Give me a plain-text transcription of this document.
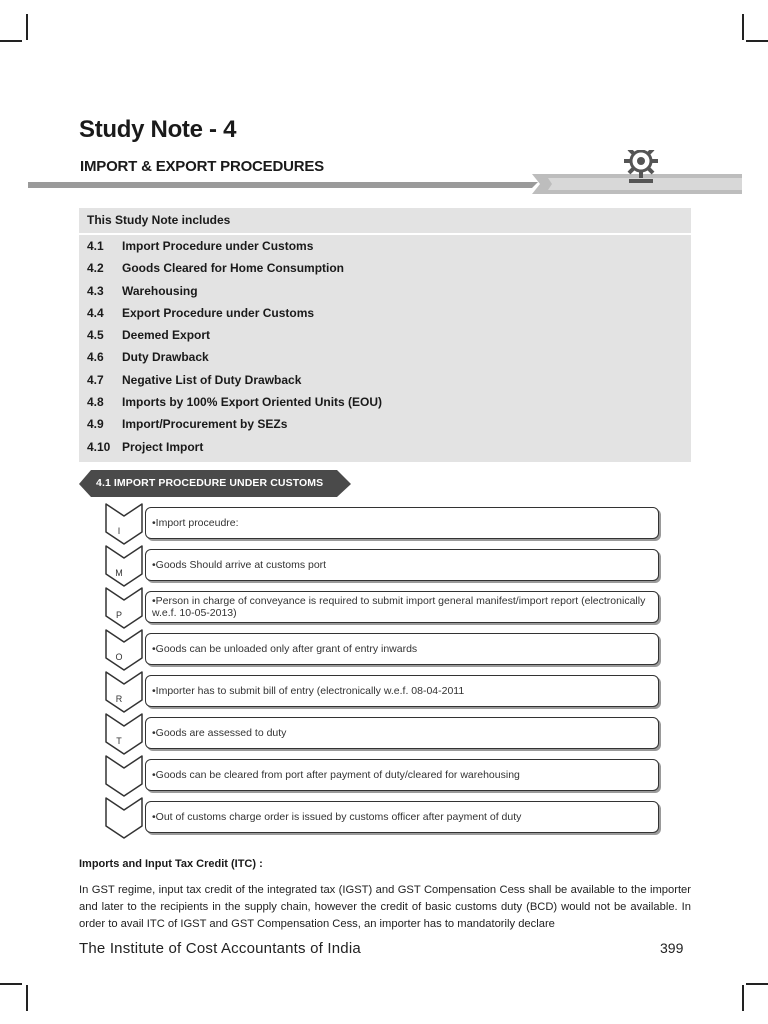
Study Note - 4
IMPORT & EXPORT PROCEDURES
This Study Note includes
4.1 Import Procedure under Customs
4.2 Goods Cleared for Home Consumption
4.3 Warehousing
4.4 Export Procedure under Customs
4.5 Deemed Export
4.6 Duty Drawback
4.7 Negative List of Duty Drawback
4.8 Imports by 100% Export Oriented Units (EOU)
4.9 Import/Procurement by SEZs
4.10 Project Import
4.1 IMPORT PROCEDURE UNDER CUSTOMS
I
M
P
O
R
T
•Import proceudre:
•Goods Should arrive at customs port
•Person in charge of conveyance is required to submit import general manifest/import report (electronically w.e.f. 10-05-2013)
•Goods can be unloaded only after grant of entry inwards
•Importer has to submit bill of entry (electronically w.e.f. 08-04-2011
•Goods are assessed to duty
•Goods can be cleared from port after payment of duty/cleared for warehousing
•Out of customs charge order is issued by customs officer after payment of duty
Imports and Input Tax Credit (ITC) :
In GST regime, input tax credit of the integrated tax (IGST) and GST Compensation Cess shall be available to the importer and later to the recipients in the supply chain, however the credit of basic customs duty (BCD) would not be available. In order to avail ITC of IGST and GST Compensation Cess, an importer has to mandatorily declare
The Institute of Cost Accountants of India	399
